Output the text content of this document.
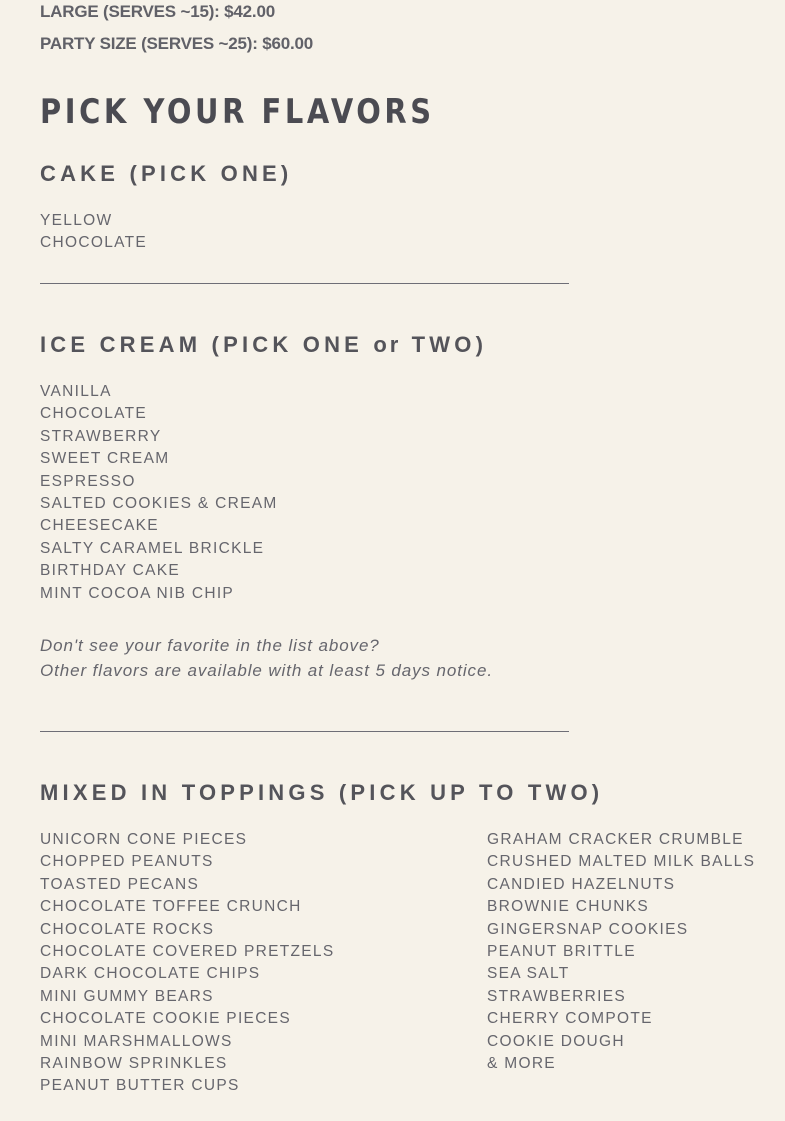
LARGE (SERVES ~15): $42.00
PARTY SIZE (SERVES ~25): $60.00
PICK YOUR FLAVORS
CAKE (PICK ONE)
YELLOW
CHOCOLATE
ICE CREAM (PICK ONE or TWO)
VANILLA
CHOCOLATE
STRAWBERRY
SWEET CREAM
ESPRESSO
SALTED COOKIES & CREAM
CHEESECAKE
SALTY CARAMEL BRICKLE
BIRTHDAY CAKE
MINT COCOA NIB CHIP
Don't see your favorite in the list above?
Other flavors are available with at least 5 days notice.
MIXED IN TOPPINGS (PICK UP TO TWO)
UNICORN CONE PIECES
CHOPPED PEANUTS
TOASTED PECANS
CHOCOLATE TOFFEE CRUNCH
CHOCOLATE ROCKS
CHOCOLATE COVERED PRETZELS
DARK CHOCOLATE CHIPS
MINI GUMMY BEARS
CHOCOLATE COOKIE PIECES
MINI MARSHMALLOWS
RAINBOW SPRINKLES
PEANUT BUTTER CUPS
GRAHAM CRACKER CRUMBLE
CRUSHED MALTED MILK BALLS
CANDIED HAZELNUTS
BROWNIE CHUNKS
GINGERSNAP COOKIES
PEANUT BRITTLE
SEA SALT
STRAWBERRIES
CHERRY COMPOTE
COOKIE DOUGH
& MORE
